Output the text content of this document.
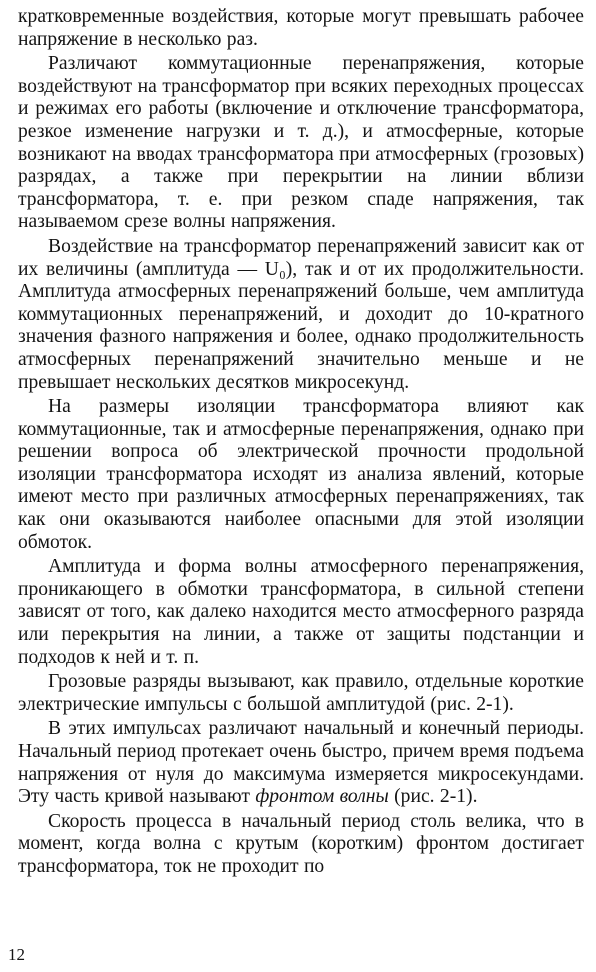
кратковременные воздействия, которые могут превышать рабочее напряжение в несколько раз.

Различают коммутационные перенапряжения, которые воздействуют на трансформатор при всяких переходных процессах и режимах его работы (включение и отключение трансформатора, резкое изменение нагрузки и т. д.), и атмосферные, которые возникают на вводах трансформатора при атмосферных (грозовых) разрядах, а также при перекрытии на линии вблизи трансформатора, т. е. при резком спаде напряжения, так называемом срезе волны напряжения.

Воздействие на трансформатор перенапряжений зависит как от их величины (амплитуда — U₀), так и от их продолжительности. Амплитуда атмосферных перенапряжений больше, чем амплитуда коммутационных перенапряжений, и доходит до 10-кратного значения фазного напряжения и более, однако продолжительность атмосферных перенапряжений значительно меньше и не превышает нескольких десятков микросекунд.

На размеры изоляции трансформатора влияют как коммутационные, так и атмосферные перенапряжения, однако при решении вопроса об электрической прочности продольной изоляции трансформатора исходят из анализа явлений, которые имеют место при различных атмосферных перенапряжениях, так как они оказываются наиболее опасными для этой изоляции обмоток.

Амплитуда и форма волны атмосферного перенапряжения, проникающего в обмотки трансформатора, в сильной степени зависят от того, как далеко находится место атмосферного разряда или перекрытия на линии, а также от защиты подстанции и подходов к ней и т. п.

Грозовые разряды вызывают, как правило, отдельные короткие электрические импульсы с большой амплитудой (рис. 2-1).

В этих импульсах различают начальный и конечный периоды. Начальный период протекает очень быстро, причем время подъема напряжения от нуля до максимума измеряется микросекундами. Эту часть кривой называют фронтом волны (рис. 2-1).

Скорость процесса в начальный период столь велика, что в момент, когда волна с крутым (коротким) фронтом достигает трансформатора, ток не проходит по

12
